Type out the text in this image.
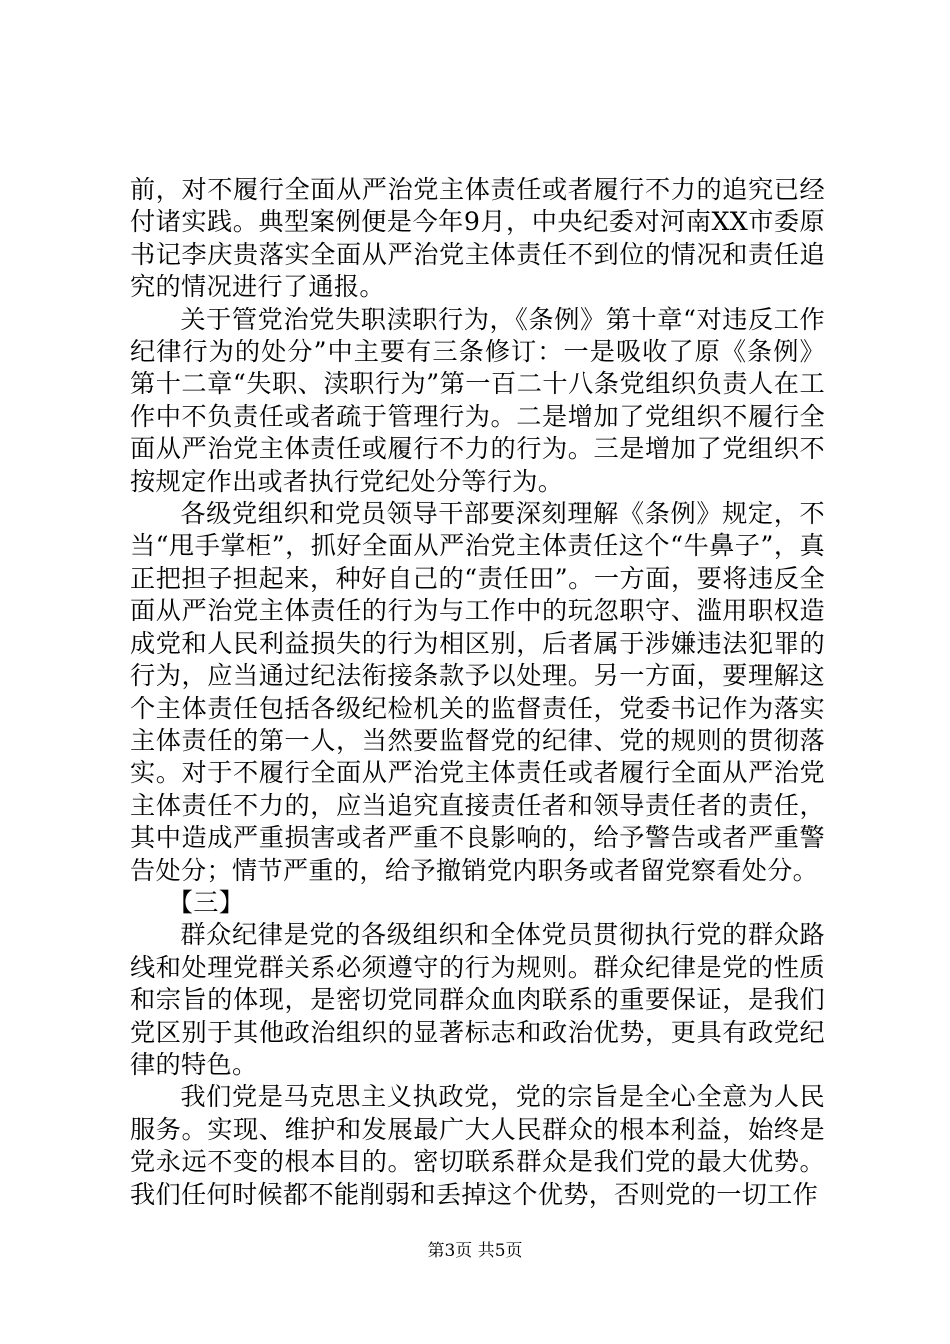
前，对不履行全面从严治党主体责任或者履行不力的追究已经付诸实践。典型案例便是今年9月，中央纪委对河南XX市委原书记李庆贵落实全面从严治党主体责任不到位的情况和责任追究的情况进行了通报。

关于管党治党失职渎职行为，《条例》第十章“对违反工作纪律行为的处分”中主要有三条修订：一是吸收了原《条例》第十二章“失职、渎职行为”第一百二十八条党组织负责人在工作中不负责任或者疏于管理行为。二是增加了党组织不履行全面从严治党主体责任或履行不力的行为。三是增加了党组织不按规定作出或者执行党纪处分等行为。

各级党组织和党员领导干部要深刻理解《条例》规定，不当“甩手掌柜”，抓好全面从严治党主体责任这个“牛鼻子”，真正把担子担起来，种好自己的“责任田”。一方面，要将违反全面从严治党主体责任的行为与工作中的玩忽职守、滥用职权造成党和人民利益损失的行为相区别，后者属于涉嫌违法犯罪的行为，应当通过纪法衔接条款予以处理。另一方面，要理解这个主体责任包括各级纪检机关的监督责任，党委书记作为落实主体责任的第一人，当然要监督党的纪律、党的规则的贯彻落实。对于不履行全面从严治党主体责任或者履行全面从严治党主体责任不力的，应当追究直接责任者和领导责任者的责任，其中造成严重损害或者严重不良影响的，给予警告或者严重警告处分；情节严重的，给予撤销党内职务或者留党察看处分。

【三】

群众纪律是党的各级组织和全体党员贯彻执行党的群众路线和处理党群关系必须遵守的行为规则。群众纪律是党的性质和宗旨的体现，是密切党同群众血肉联系的重要保证，是我们党区别于其他政治组织的显著标志和政治优势，更具有政党纪律的特色。

我们党是马克思主义执政党，党的宗旨是全心全意为人民服务。实现、维护和发展最广大人民群众的根本利益，始终是党永远不变的根本目的。密切联系群众是我们党的最大优势。我们任何时候都不能削弱和丢掉这个优势，否则党的一切工作

第3页 共5页
